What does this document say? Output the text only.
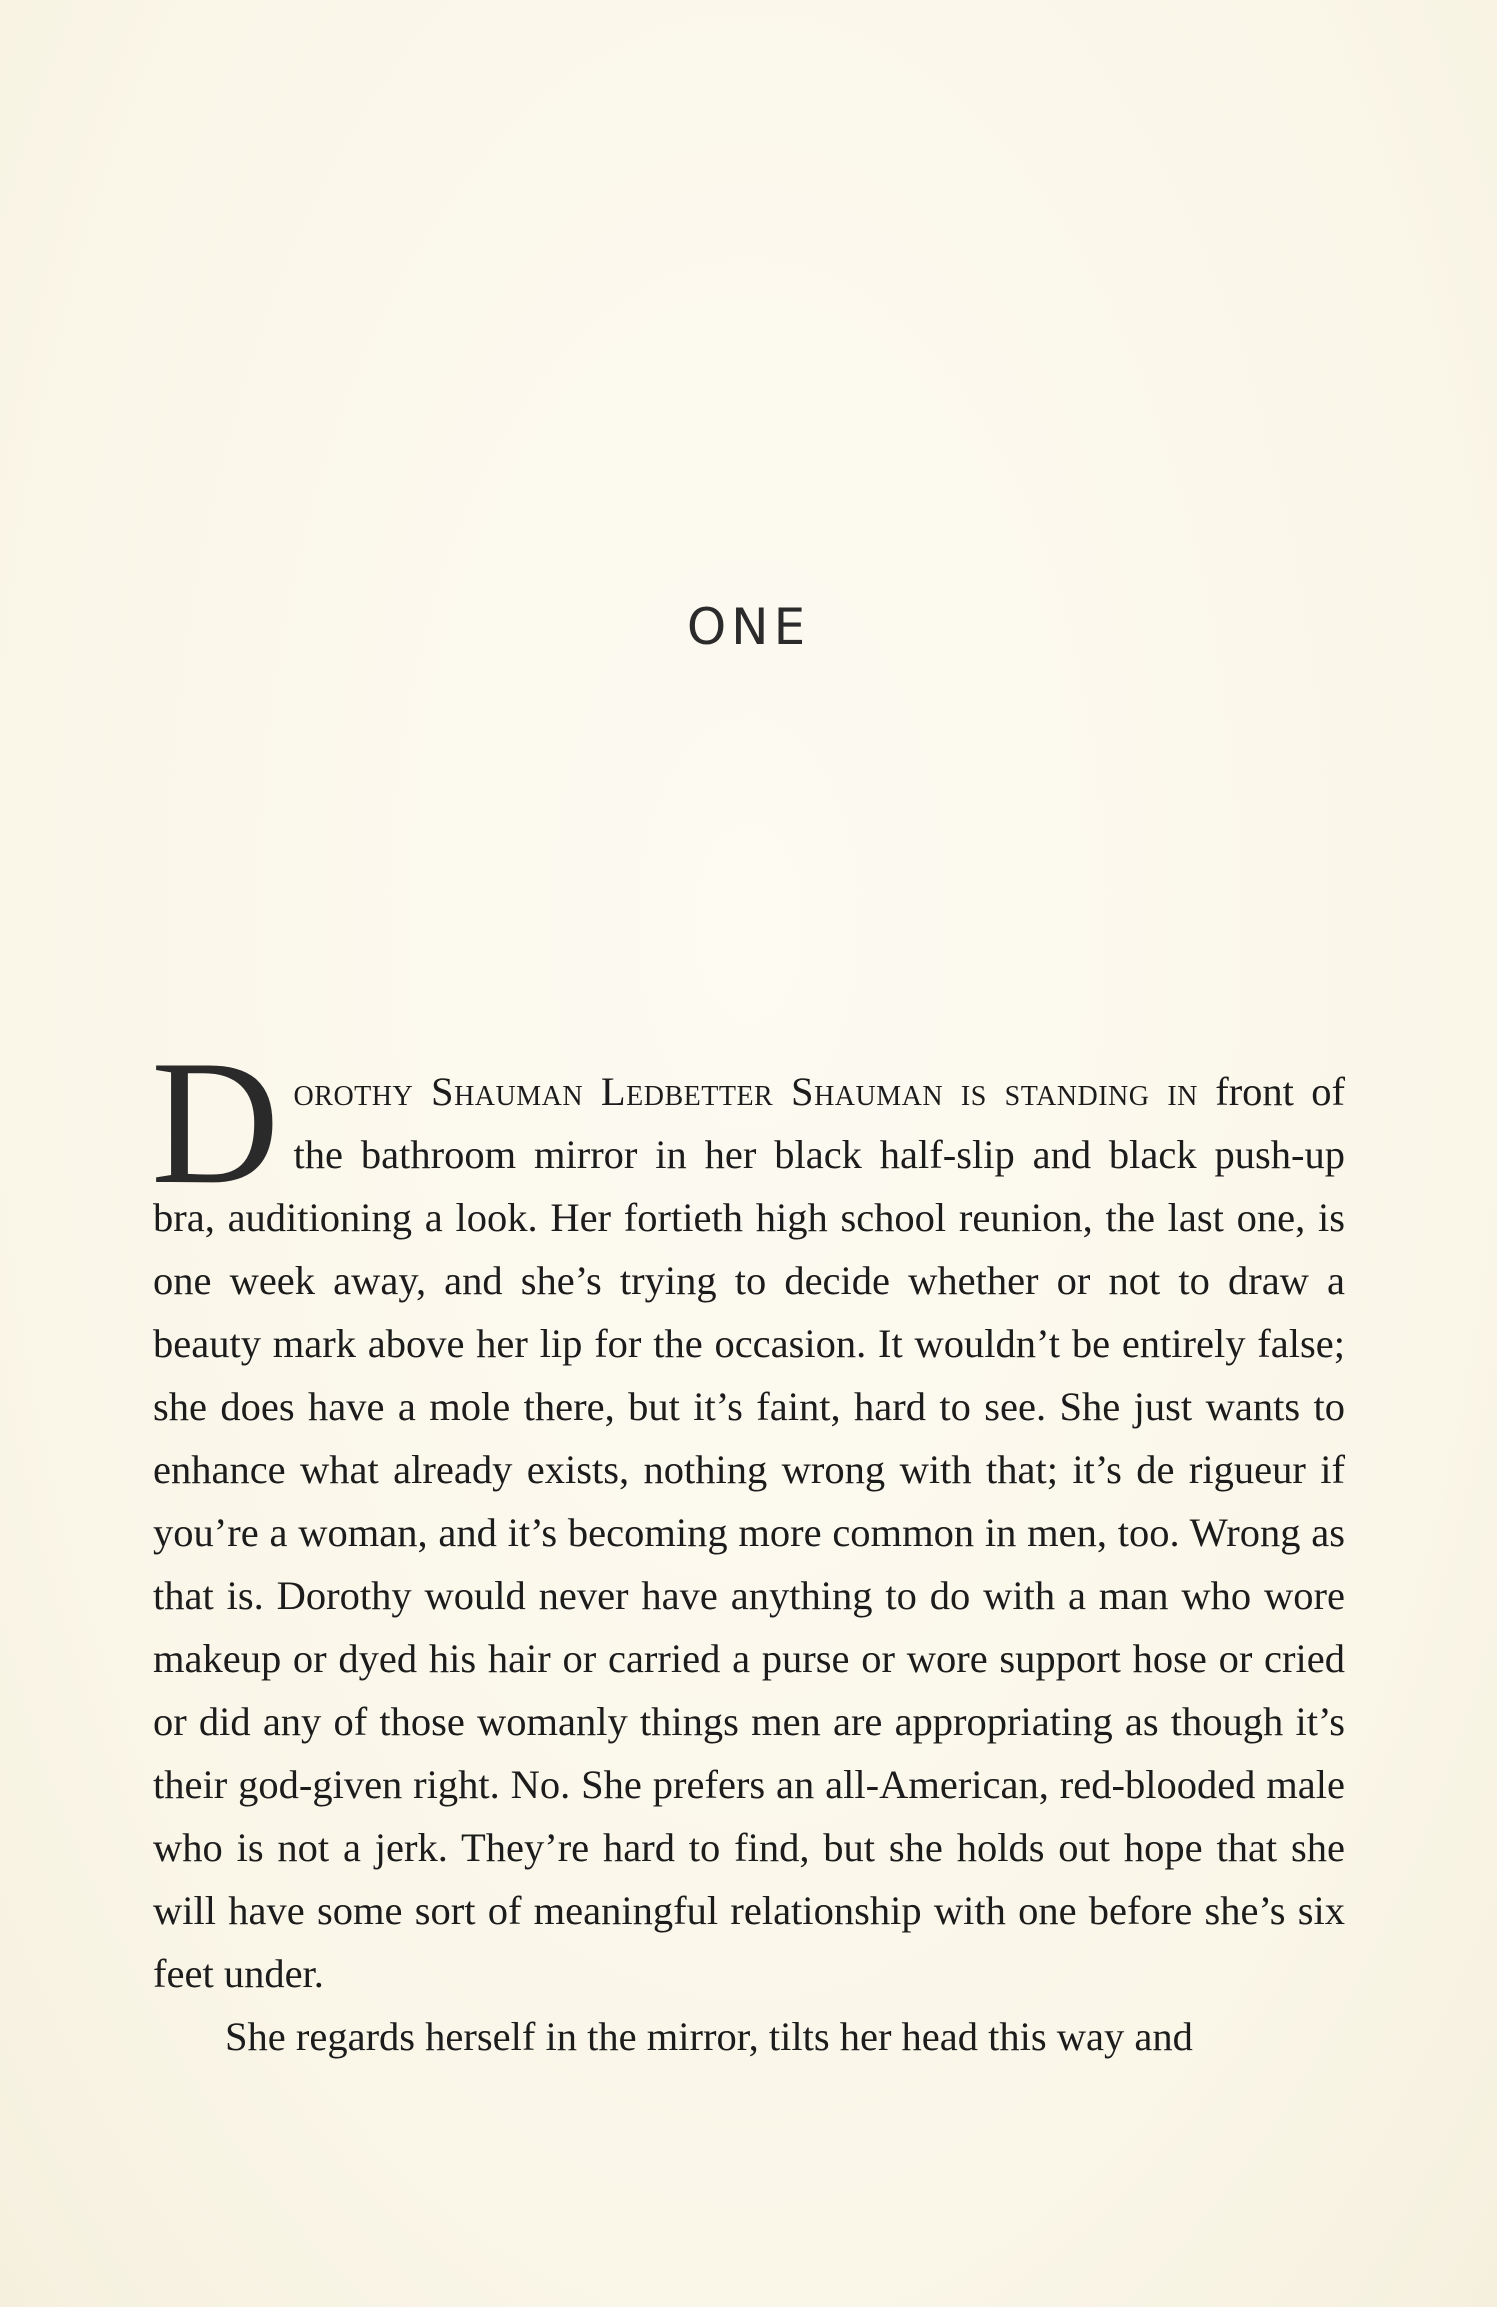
ONE

Dorothy Shauman Ledbetter Shauman is standing in front of the bathroom mirror in her black half-slip and black push-up bra, auditioning a look. Her fortieth high school reunion, the last one, is one week away, and she’s trying to decide whether or not to draw a beauty mark above her lip for the occasion. It wouldn’t be entirely false; she does have a mole there, but it’s faint, hard to see. She just wants to enhance what already exists, nothing wrong with that; it’s de rigueur if you’re a woman, and it’s becoming more common in men, too. Wrong as that is. Dorothy would never have anything to do with a man who wore makeup or dyed his hair or carried a purse or wore support hose or cried or did any of those womanly things men are appropriating as though it’s their god-given right. No. She prefers an all-American, red-blooded male who is not a jerk. They’re hard to find, but she holds out hope that she will have some sort of meaningful relationship with one before she’s six feet under.

She regards herself in the mirror, tilts her head this way and
